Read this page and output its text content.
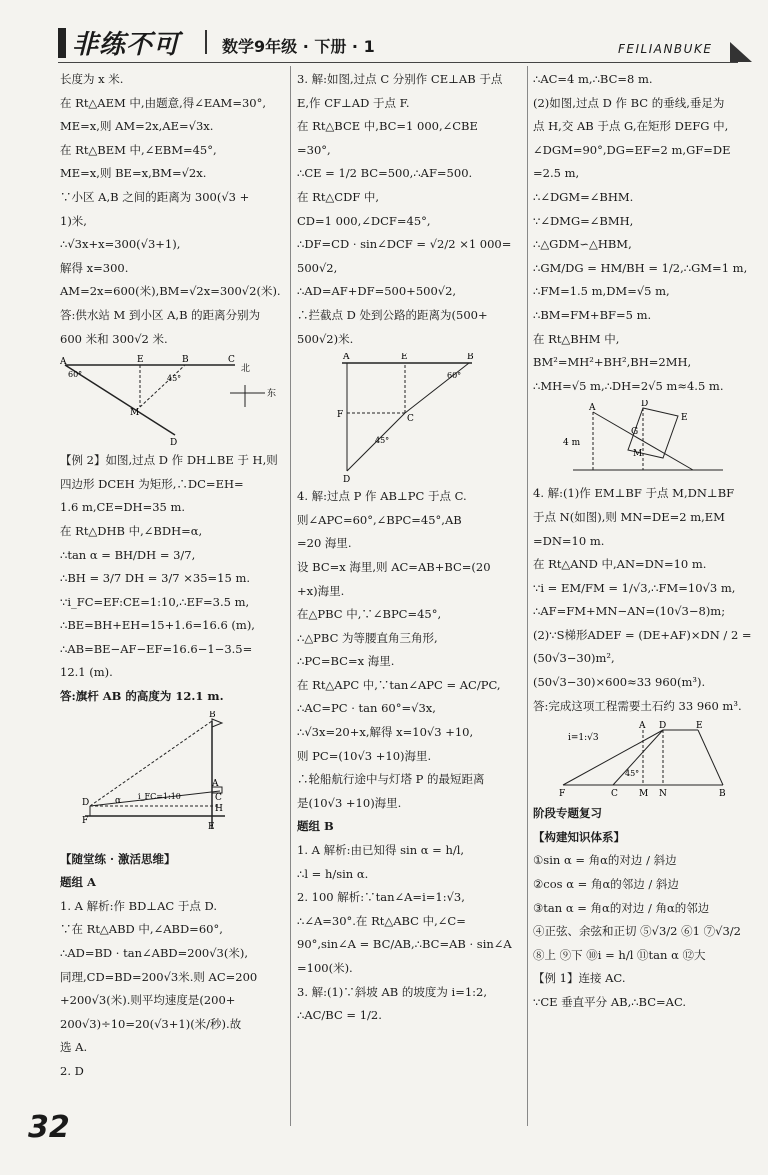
非练不可	数学9年级 · 下册 · 1	FEILIANBUKE
长度为 x 米.
在 Rt△AEM 中,由题意,得∠EAM=30°,
ME=x,则 AM=2x,AE=√3x.
在 Rt△BEM 中,∠EBM=45°,
ME=x,则 BE=x,BM=√2x.
∵小区 A,B 之间的距离为 300(√3 +
1)米,
∴√3x+x=300(√3+1),
解得 x=300.
AM=2x=600(米),BM=√2x=300√2(米).
答:供水站 M 到小区 A,B 的距离分别为
600 米和 300√2 米.
A	E	B	C
M
D
60°	45°
北
东
【例 2】如图,过点 D 作 DH⊥BE 于 H,则
四边形 DCEH 为矩形,∴DC=EH=
1.6 m,CE=DH=35 m.
在 Rt△DHB 中,∠BDH=α,
∴tan α = BH/DH = 3/7,
∴BH = 3/7 DH = 3/7 ×35=15 m.
∵i_FC=EF:CE=1:10,∴EF=3.5 m,
∴BE=BH+EH=15+1.6=16.6 (m),
∴AB=BE−AF−EF=16.6−1−3.5=
12.1 (m).
答:旗杆 AB 的高度为 12.1 m.
B
A
C
D
E
F
H
α i_FC=1:10
【随堂练 · 激活思维】
题组 A
1. A 解析:作 BD⊥AC 于点 D.
∵在 Rt△ABD 中,∠ABD=60°,
∴AD=BD · tan∠ABD=200√3(米),
同理,CD=BD=200√3米.则 AC=200
+200√3(米).则平均速度是(200+
200√3)÷10=20(√3+1)(米/秒).故
选 A.
2. D
3. 解:如图,过点 C 分别作 CE⊥AB 于点
E,作 CF⊥AD 于点 F.
在 Rt△BCE 中,BC=1 000,∠CBE
=30°,
∴CE = 1/2 BC=500,∴AF=500.
在 Rt△CDF 中,
CD=1 000,∠DCF=45°,
∴DF=CD · sin∠DCF = √2/2 ×1 000=
500√2,
∴AD=AF+DF=500+500√2,
∴拦截点 D 处到公路的距离为(500+
500√2)米.
A	E	B
F	C
D
60°
45°
4. 解:过点 P 作 AB⊥PC 于点 C.
则∠APC=60°,∠BPC=45°,AB
=20 海里.
设 BC=x 海里,则 AC=AB+BC=(20
+x)海里.
在△PBC 中,∵∠BPC=45°,
∴△PBC 为等腰直角三角形,
∴PC=BC=x 海里.
在 Rt△APC 中,∵tan∠APC = AC/PC,
∴AC=PC · tan 60°=√3x,
∴√3x=20+x,解得 x=10√3 +10,
则 PC=(10√3 +10)海里.
∴轮船航行途中与灯塔 P 的最短距离
是(10√3 +10)海里.
题组 B
1. A 解析:由已知得 sin α = h/l,
∴l = h/sin α.
2. 100 解析:∵tan∠A=i=1:√3,
∴∠A=30°.在 Rt△ABC 中,∠C=
90°,sin∠A = BC/AB,∴BC=AB · sin∠A
=100(米).
3. 解:(1)∵斜坡 AB 的坡度为 i=1:2,
∴AC/BC = 1/2.
∴AC=4 m,∴BC=8 m.
(2)如图,过点 D 作 BC 的垂线,垂足为
点 H,交 AB 于点 G,在矩形 DEFG 中,
∠DGM=90°,DG=EF=2 m,GF=DE
=2.5 m,
∴∠DGM=∠BHM.
∵∠DMG=∠BMH,
∴△GDM∽△HBM,
∴GM/DG = HM/BH = 1/2,∴GM=1 m,
∴FM=1.5 m,DM=√5 m,
∴BM=FM+BF=5 m.
在 Rt△BHM 中,
BM²=MH²+BH²,BH=2MH,
∴MH=√5 m,∴DH=2√5 m≈4.5 m.
A	D
G
E
M
4 m
4. 解:(1)作 EM⊥BF 于点 M,DN⊥BF
于点 N(如图),则 MN=DE=2 m,EM
=DN=10 m.
在 Rt△AND 中,AN=DN=10 m.
∵i = EM/FM = 1/√3,∴FM=10√3 m,
∴AF=FM+MN−AN=(10√3−8)m;
(2)∵S梯形ADEF = (DE+AF)×DN / 2 =
(50√3−30)m²,
(50√3−30)×600≈33 960(m³).
答:完成这项工程需要土石约 33 960 m³.
i=1:√3
A D	E
45°
F	C M N	B
阶段专题复习
【构建知识体系】
①sin α = 角α的对边 / 斜边
②cos α = 角α的邻边 / 斜边
③tan α = 角α的对边 / 角α的邻边
④正弦、余弦和正切 ⑤√3/2 ⑥1 ⑦√3/2
⑧上 ⑨下 ⑩i = h/l ⑪tan α ⑫大
【例 1】连接 AC.
∵CE 垂直平分 AB,∴BC=AC.
32
